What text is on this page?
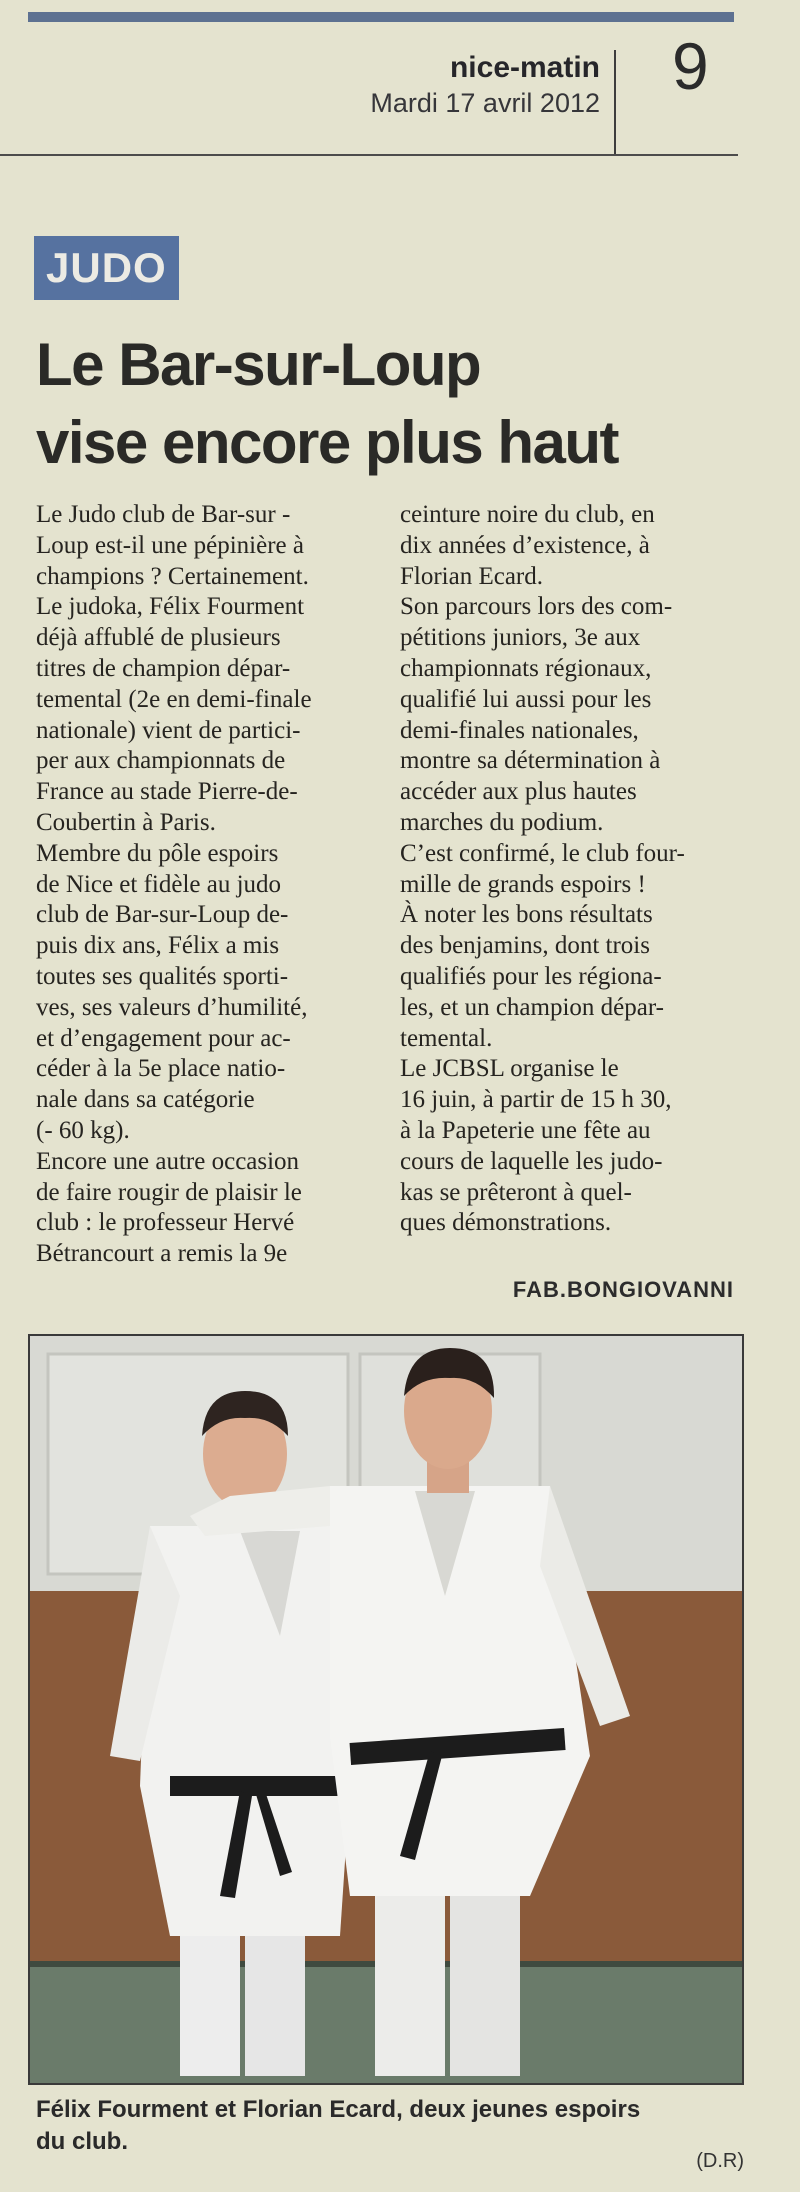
nice-matin
Mardi 17 avril 2012 9
JUDO
Le Bar-sur-Loup
vise encore plus haut
Le Judo club de Bar-sur -
Loup est-il une pépinière à
champions ? Certainement.
Le judoka, Félix Fourment
déjà affublé de plusieurs
titres de champion dépar-
temental (2e en demi-finale
nationale) vient de partici-
per aux championnats de
France au stade Pierre-de-
Coubertin à Paris.
Membre du pôle espoirs
de Nice et fidèle au judo
club de Bar-sur-Loup de-
puis dix ans, Félix a mis
toutes ses qualités sporti-
ves, ses valeurs d’humilité,
et d’engagement pour ac-
céder à la 5e place natio-
nale dans sa catégorie
(- 60 kg).
Encore une autre occasion
de faire rougir de plaisir le
club : le professeur Hervé
Bétrancourt a remis la 9e
ceinture noire du club, en
dix années d’existence, à
Florian Ecard.
Son parcours lors des com-
pétitions juniors, 3e aux
championnats régionaux,
qualifié lui aussi pour les
demi-finales nationales,
montre sa détermination à
accéder aux plus hautes
marches du podium.
C’est confirmé, le club four-
mille de grands espoirs !
À noter les bons résultats
des benjamins, dont trois
qualifiés pour les régiona-
les, et un champion dépar-
temental.
Le JCBSL organise le
16 juin, à partir de 15 h 30,
à la Papeterie une fête au
cours de laquelle les judo-
kas se prêteront à quel-
ques démonstrations.
FAB.BONGIOVANNI
Félix Fourment et Florian Ecard, deux jeunes espoirs
du club.
(D.R)
